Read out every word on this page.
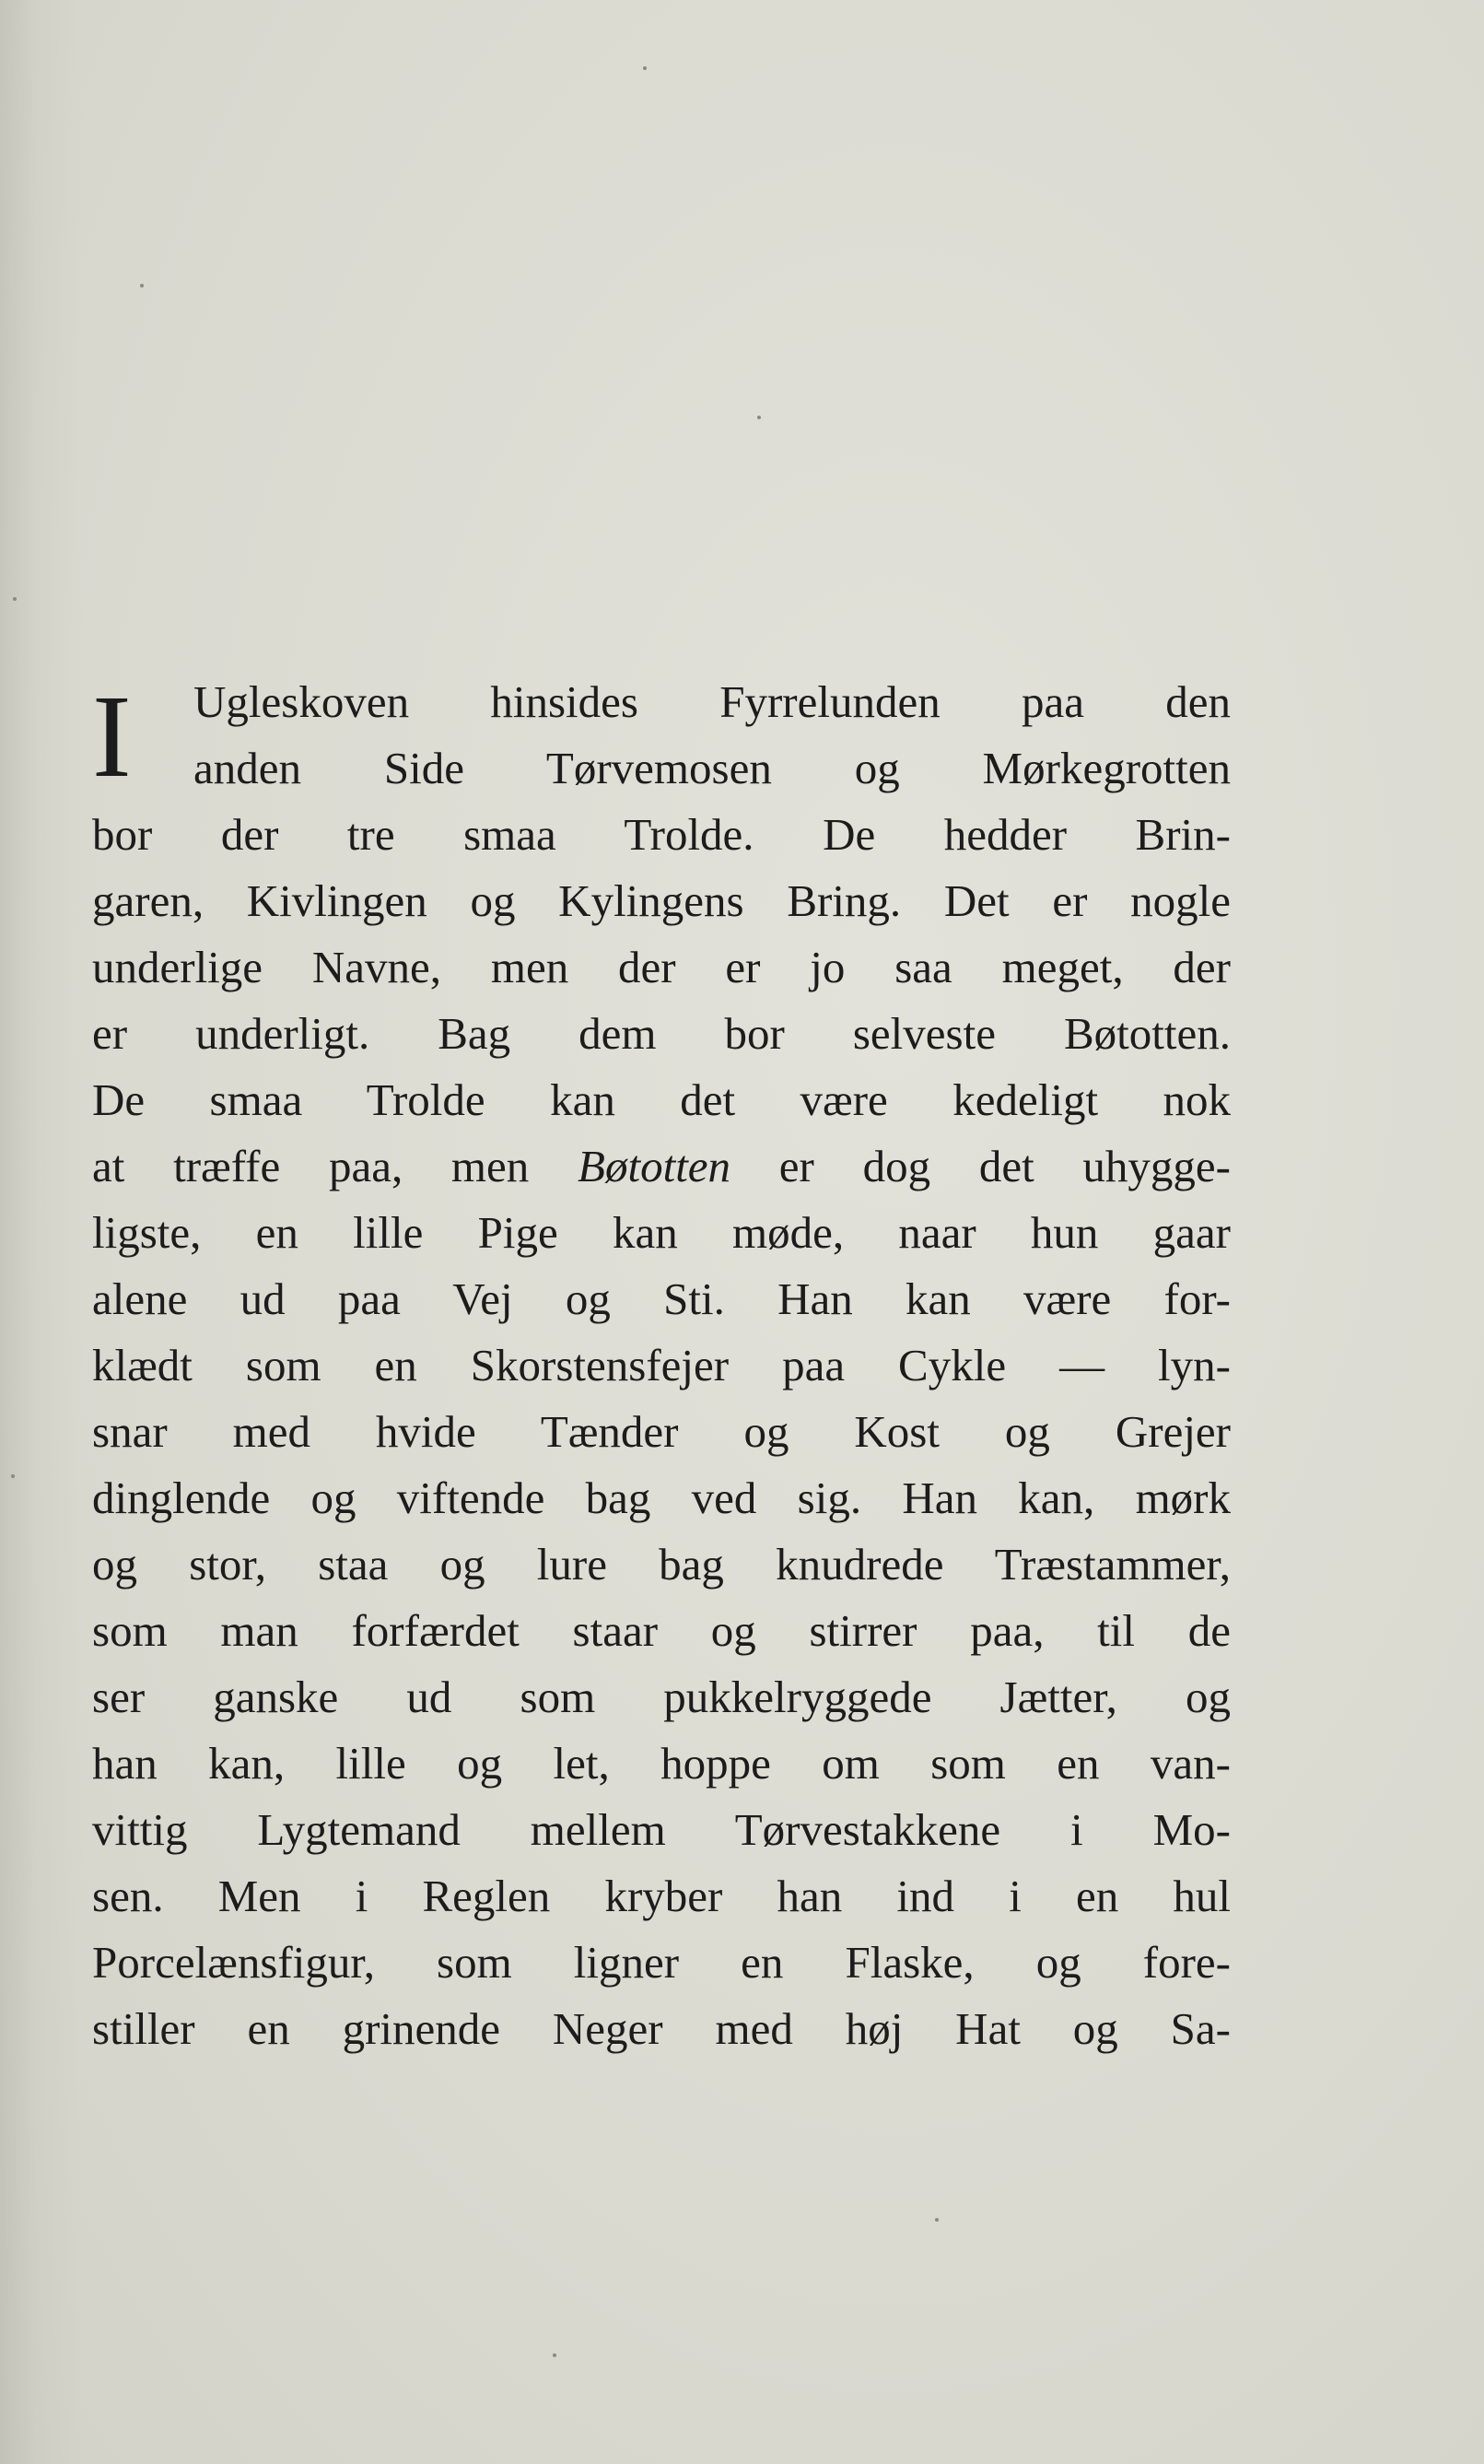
I	Ugleskoven hinsides Fyrrelunden paa den
anden Side Tørvemosen og Mørkegrotten
bor der tre smaa Trolde. De hedder Brin-
garen, Kivlingen og Kylingens Bring. Det er nogle
underlige Navne, men der er jo saa meget, der
er underligt. Bag dem bor selveste Bøtotten.
De smaa Trolde kan det være kedeligt nok
at træffe paa, men Bøtotten er dog det uhygge-
ligste, en lille Pige kan møde, naar hun gaar
alene ud paa Vej og Sti. Han kan være for-
klædt som en Skorstensfejer paa Cykle — lyn-
snar med hvide Tænder og Kost og Grejer
dinglende og viftende bag ved sig. Han kan, mørk
og stor, staa og lure bag knudrede Træstammer,
som man forfærdet staar og stirrer paa, til de
ser ganske ud som pukkelryggede Jætter, og
han kan, lille og let, hoppe om som en van-
vittig Lygtemand mellem Tørvestakkene i Mo-
sen. Men i Reglen kryber han ind i en hul
Porcelænsfigur, som ligner en Flaske, og fore-
stiller en grinende Neger med høj Hat og Sa-
